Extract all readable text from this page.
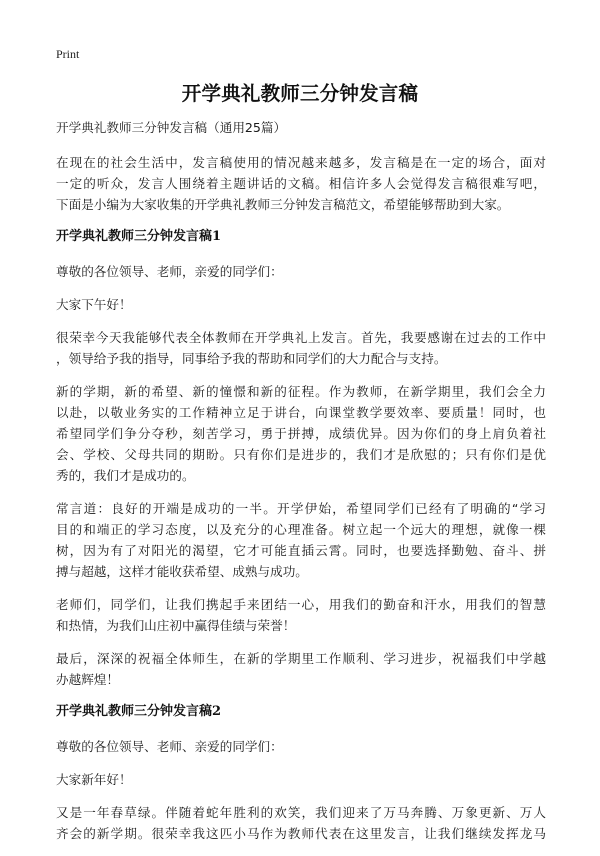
Print
开学典礼教师三分钟发言稿
开学典礼教师三分钟发言稿（通用25篇）
在现在的社会生活中，发言稿使用的情况越来越多，发言稿是在一定的场合，面对
一定的听众，发言人围绕着主题讲话的文稿。相信许多人会觉得发言稿很难写吧，
下面是小编为大家收集的开学典礼教师三分钟发言稿范文，希望能够帮助到大家。
开学典礼教师三分钟发言稿1
尊敬的各位领导、老师，亲爱的同学们：
大家下午好！
很荣幸今天我能够代表全体教师在开学典礼上发言。首先，我要感谢在过去的工作中
，领导给予我的指导，同事给予我的帮助和同学们的大力配合与支持。
新的学期，新的希望、新的憧憬和新的征程。作为教师，在新学期里，我们会全力
以赴，以敬业务实的工作精神立足于讲台，向课堂教学要效率、要质量！同时，也
希望同学们争分夺秒，刻苦学习，勇于拼搏，成绩优异。因为你们的身上肩负着社
会、学校、父母共同的期盼。只有你们是进步的，我们才是欣慰的；只有你们是优
秀的，我们才是成功的。
常言道：良好的开端是成功的一半。开学伊始，希望同学们已经有了明确的“学习
目的和端正的学习态度，以及充分的心理准备。树立起一个远大的理想，就像一棵
树，因为有了对阳光的渴望，它才可能直插云霄。同时，也要选择勤勉、奋斗、拼
搏与超越，这样才能收获希望、成熟与成功。
老师们，同学们，让我们携起手来团结一心，用我们的勤奋和汗水，用我们的智慧
和热情，为我们山庄初中赢得佳绩与荣誉！
最后，深深的祝福全体师生，在新的学期里工作顺利、学习进步，祝福我们中学越
办越辉煌！
开学典礼教师三分钟发言稿2
尊敬的各位领导、老师、亲爱的同学们：
大家新年好！
又是一年春草绿。伴随着蛇年胜利的欢笑，我们迎来了万马奔腾、万象更新、万人
齐会的新学期。很荣幸我这匹小马作为教师代表在这里发言，让我们继续发挥龙马
